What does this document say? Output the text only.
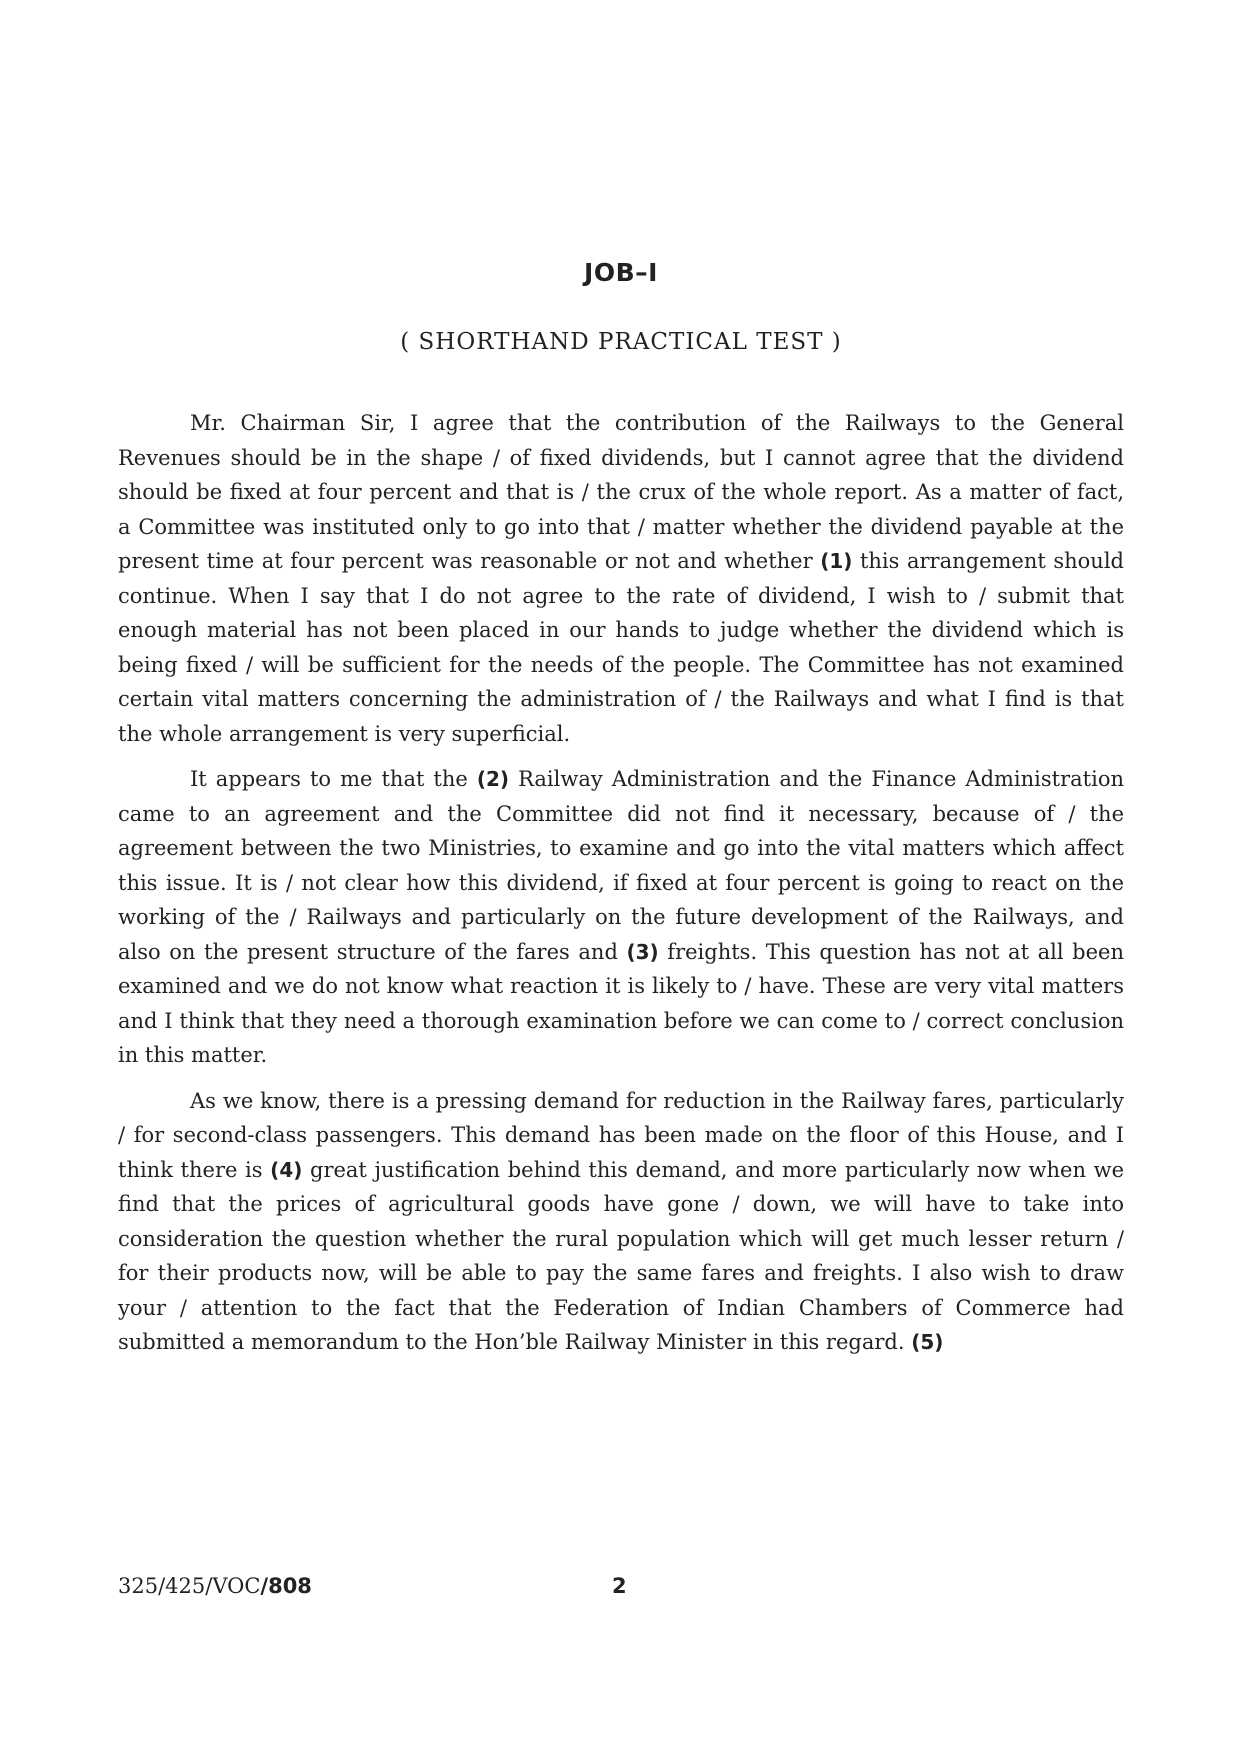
JOB–I
( SHORTHAND PRACTICAL TEST )

Mr. Chairman Sir, I agree that the contribution of the Railways to the General Revenues should be in the shape / of fixed dividends, but I cannot agree that the dividend should be fixed at four percent and that is / the crux of the whole report. As a matter of fact, a Committee was instituted only to go into that / matter whether the dividend payable at the present time at four percent was reasonable or not and whether (1) this arrangement should continue. When I say that I do not agree to the rate of dividend, I wish to / submit that enough material has not been placed in our hands to judge whether the dividend which is being fixed / will be sufficient for the needs of the people. The Committee has not examined certain vital matters concerning the administration of / the Railways and what I find is that the whole arrangement is very superficial.

It appears to me that the (2) Railway Administration and the Finance Administration came to an agreement and the Committee did not find it necessary, because of / the agreement between the two Ministries, to examine and go into the vital matters which affect this issue. It is / not clear how this dividend, if fixed at four percent is going to react on the working of the / Railways and particularly on the future development of the Railways, and also on the present structure of the fares and (3) freights. This question has not at all been examined and we do not know what reaction it is likely to / have. These are very vital matters and I think that they need a thorough examination before we can come to / correct conclusion in this matter.

As we know, there is a pressing demand for reduction in the Railway fares, particularly / for second-class passengers. This demand has been made on the floor of this House, and I think there is (4) great justification behind this demand, and more particularly now when we find that the prices of agricultural goods have gone / down, we will have to take into consideration the question whether the rural population which will get much lesser return / for their products now, will be able to pay the same fares and freights. I also wish to draw your / attention to the fact that the Federation of Indian Chambers of Commerce had submitted a memorandum to the Hon’ble Railway Minister in this regard. (5)

325/425/VOC/808	2
